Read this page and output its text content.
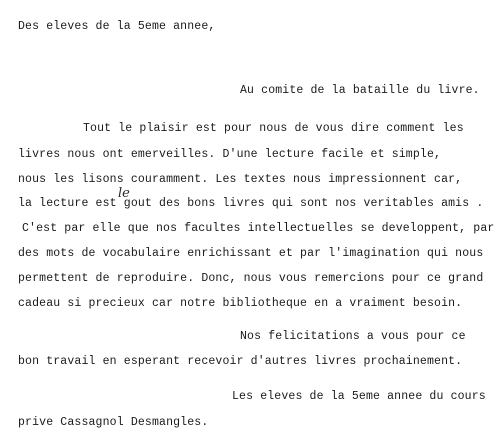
Des eleves de la 5eme annee,
Au comite de la bataille du livre.
Tout le plaisir est pour nous de vous dire comment les
livres nous ont emerveilles. D'une lecture facile et simple,
nous les lisons couramment. Les textes nous impressionnent car,
le
la lecture est gout des bons livres qui sont nos veritables amis .
C'est par elle que nos facultes intellectuelles se developpent, par
des mots de vocabulaire enrichissant et par l'imagination qui nous
permettent de reproduire. Donc, nous vous remercions pour ce grand
cadeau si precieux car notre bibliotheque en a vraiment besoin.
Nos felicitations a vous pour ce
bon travail en esperant recevoir d'autres livres prochainement.
Les eleves de la 5eme annee du cours
prive Cassagnol Desmangles.
